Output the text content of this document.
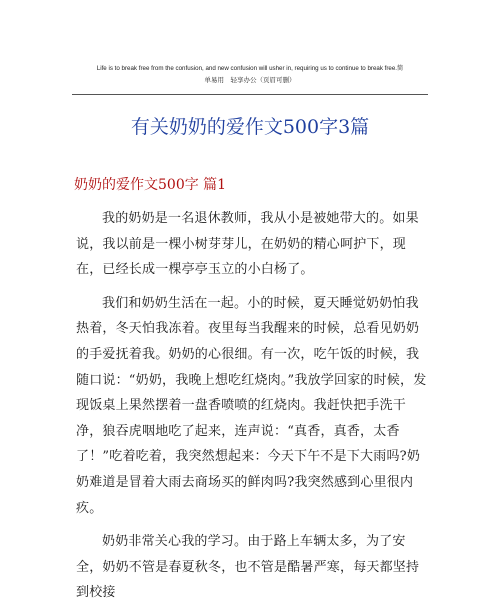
Life is to break free from the confusion, and new confusion will usher in, requiring us to continue to break free.简
单易用　轻享办公（页眉可删）
有关奶奶的爱作文500字3篇
奶奶的爱作文500字 篇1

我的奶奶是一名退休教师，我从小是被她带大的。如果说，我以前是一棵小树芽芽儿，在奶奶的精心呵护下，现在，已经长成一棵亭亭玉立的小白杨了。

我们和奶奶生活在一起。小的时候，夏天睡觉奶奶怕我热着，冬天怕我冻着。夜里每当我醒来的时候，总看见奶奶的手爱抚着我。奶奶的心很细。有一次，吃午饭的时候，我随口说：“奶奶，我晚上想吃红烧肉。”我放学回家的时候，发现饭桌上果然摆着一盘香喷喷的红烧肉。我赶快把手洗干净，狼吞虎咽地吃了起来，连声说：“真香，真香，太香了！”吃着吃着，我突然想起来：今天下午不是下大雨吗?奶奶难道是冒着大雨去商场买的鲜肉吗?我突然感到心里很内疚。

奶奶非常关心我的学习。由于路上车辆太多，为了安全，奶奶不管是春夏秋冬，也不管是酷暑严寒，每天都坚持到校接
